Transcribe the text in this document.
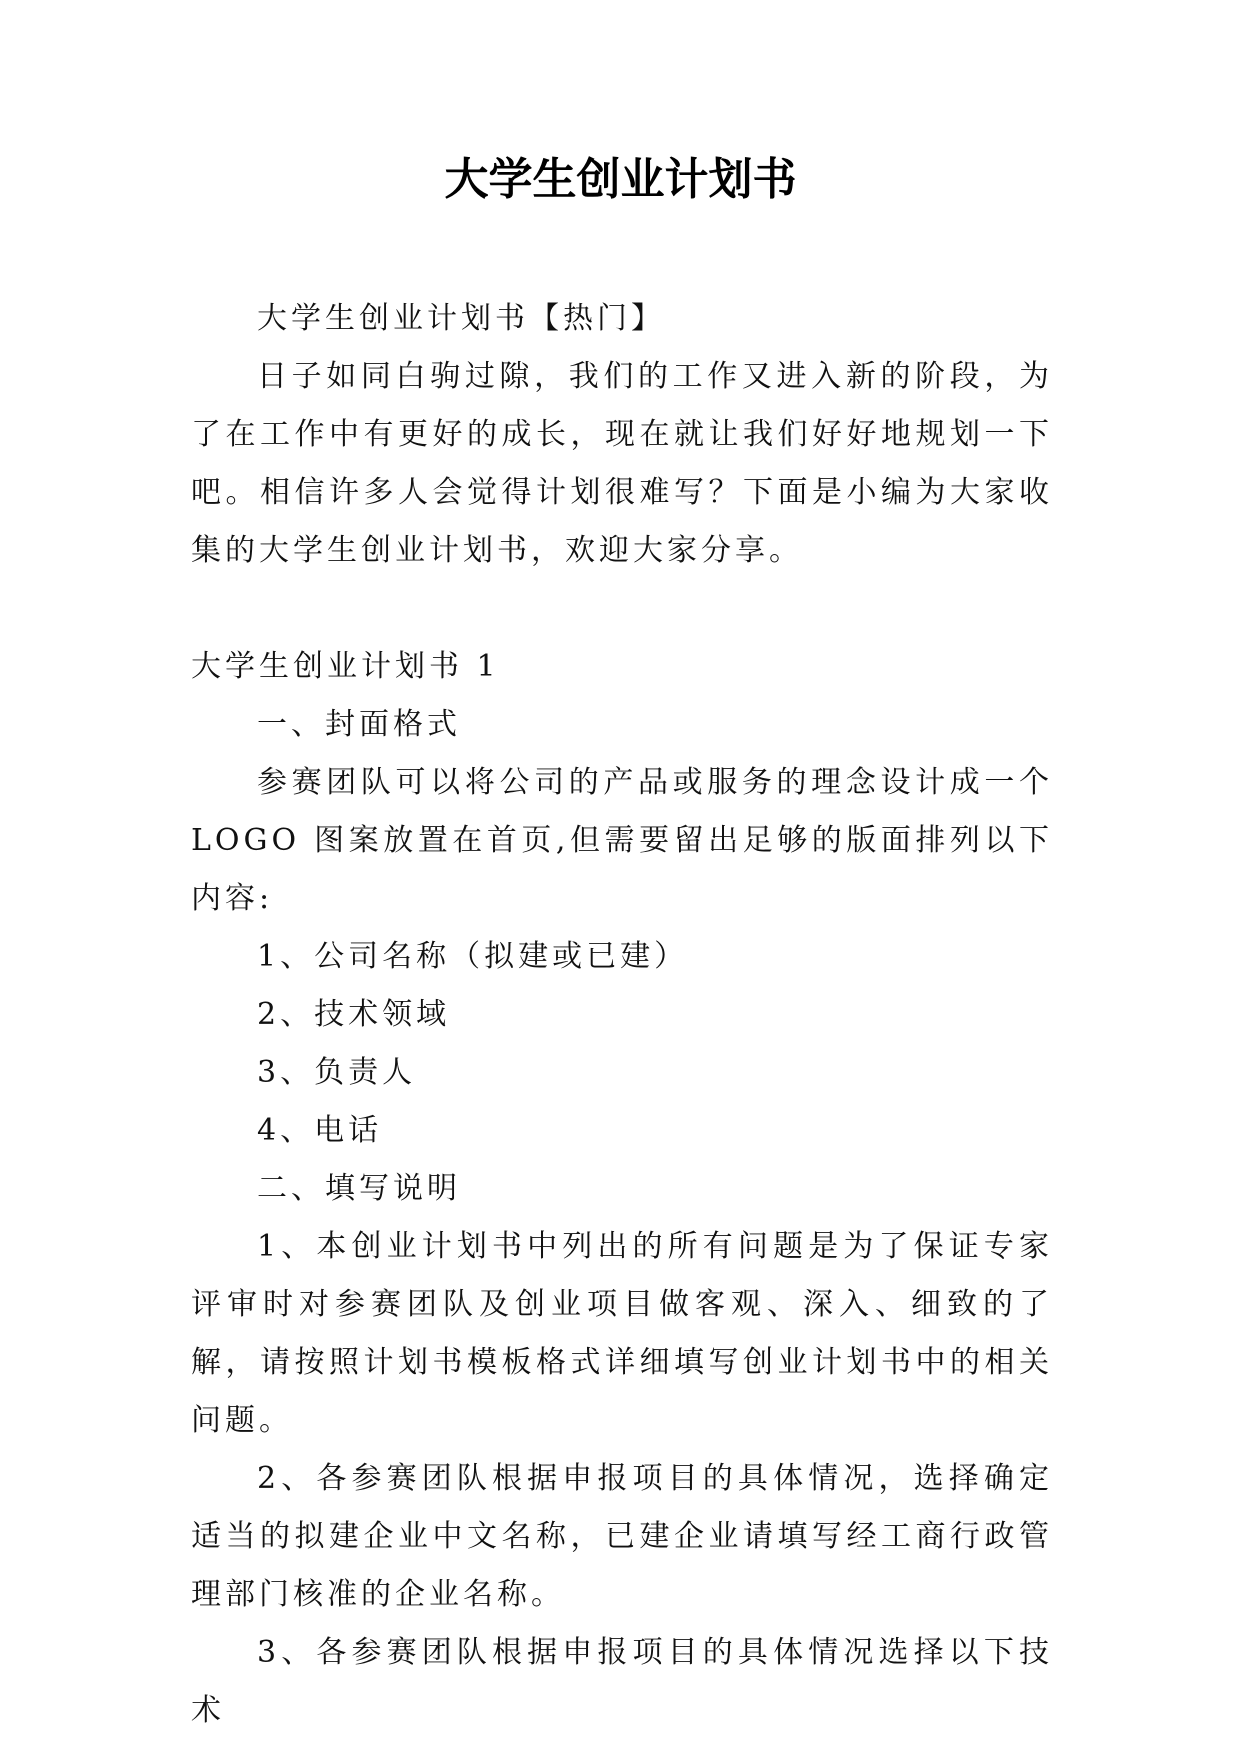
大学生创业计划书

大学生创业计划书【热门】

日子如同白驹过隙，我们的工作又进入新的阶段，为了在工作中有更好的成长，现在就让我们好好地规划一下吧。相信许多人会觉得计划很难写？下面是小编为大家收集的大学生创业计划书，欢迎大家分享。

大学生创业计划书 1

一、封面格式

参赛团队可以将公司的产品或服务的理念设计成一个LOGO 图案放置在首页,但需要留出足够的版面排列以下内容:

1、公司名称（拟建或已建）

2、技术领域

3、负责人

4、电话

二、填写说明

1、本创业计划书中列出的所有问题是为了保证专家评审时对参赛团队及创业项目做客观、深入、细致的了解，请按照计划书模板格式详细填写创业计划书中的相关问题。

2、各参赛团队根据申报项目的具体情况，选择确定适当的拟建企业中文名称，已建企业请填写经工商行政管理部门核准的企业名称。

3、各参赛团队根据申报项目的具体情况选择以下技术
